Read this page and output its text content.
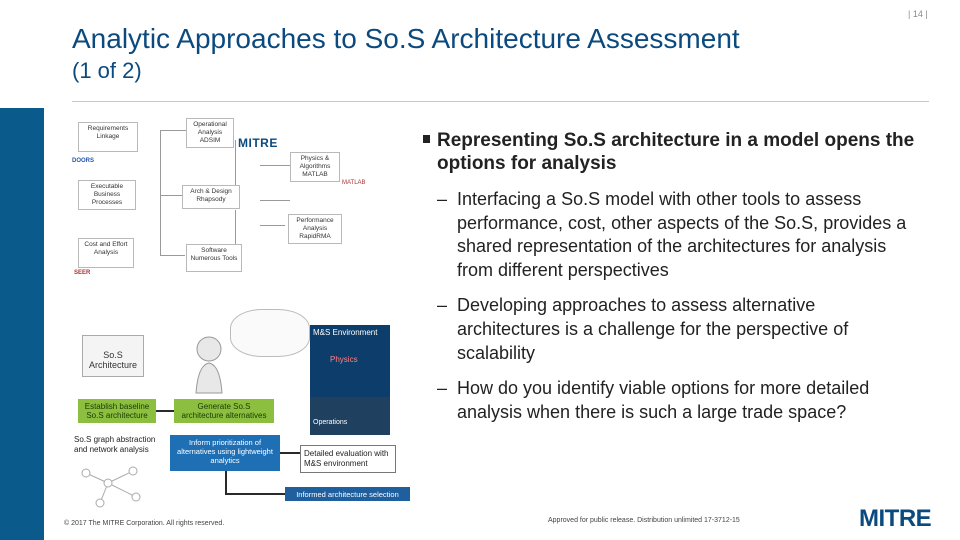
| 14 |
Analytic Approaches to So.S Architecture Assessment
(1 of 2)
Requirements Linkage
DOORS
Operational Analysis ADSIM	MITRE
Physics & Algorithms MATLAB
MATLAB
Executable Business Processes
Arch & Design Rhapsody
Performance Analysis RapidRMA
Cost and Effort Analysis
SEER
Software Numerous Tools
So.S Architecture
M&S Environment
Physics
Operations
Establish baseline So.S architecture
Generate So.S architecture alternatives
So.S graph abstraction and network analysis
Inform prioritization of alternatives using lightweight analytics
Detailed evaluation with M&S environment
Informed architecture selection
Representing So.S architecture in a model opens the options for analysis
– Interfacing a So.S model with other tools to assess performance, cost, other aspects of the So.S, provides a shared representation of the architectures for analysis from different perspectives
– Developing approaches to assess alternative architectures is a challenge for the perspective of scalability
– How do you identify viable options for more detailed analysis when there is such a large trade space?
© 2017 The MITRE Corporation. All rights reserved.	Approved for public release. Distribution unlimited 17-3712-15	MITRE
